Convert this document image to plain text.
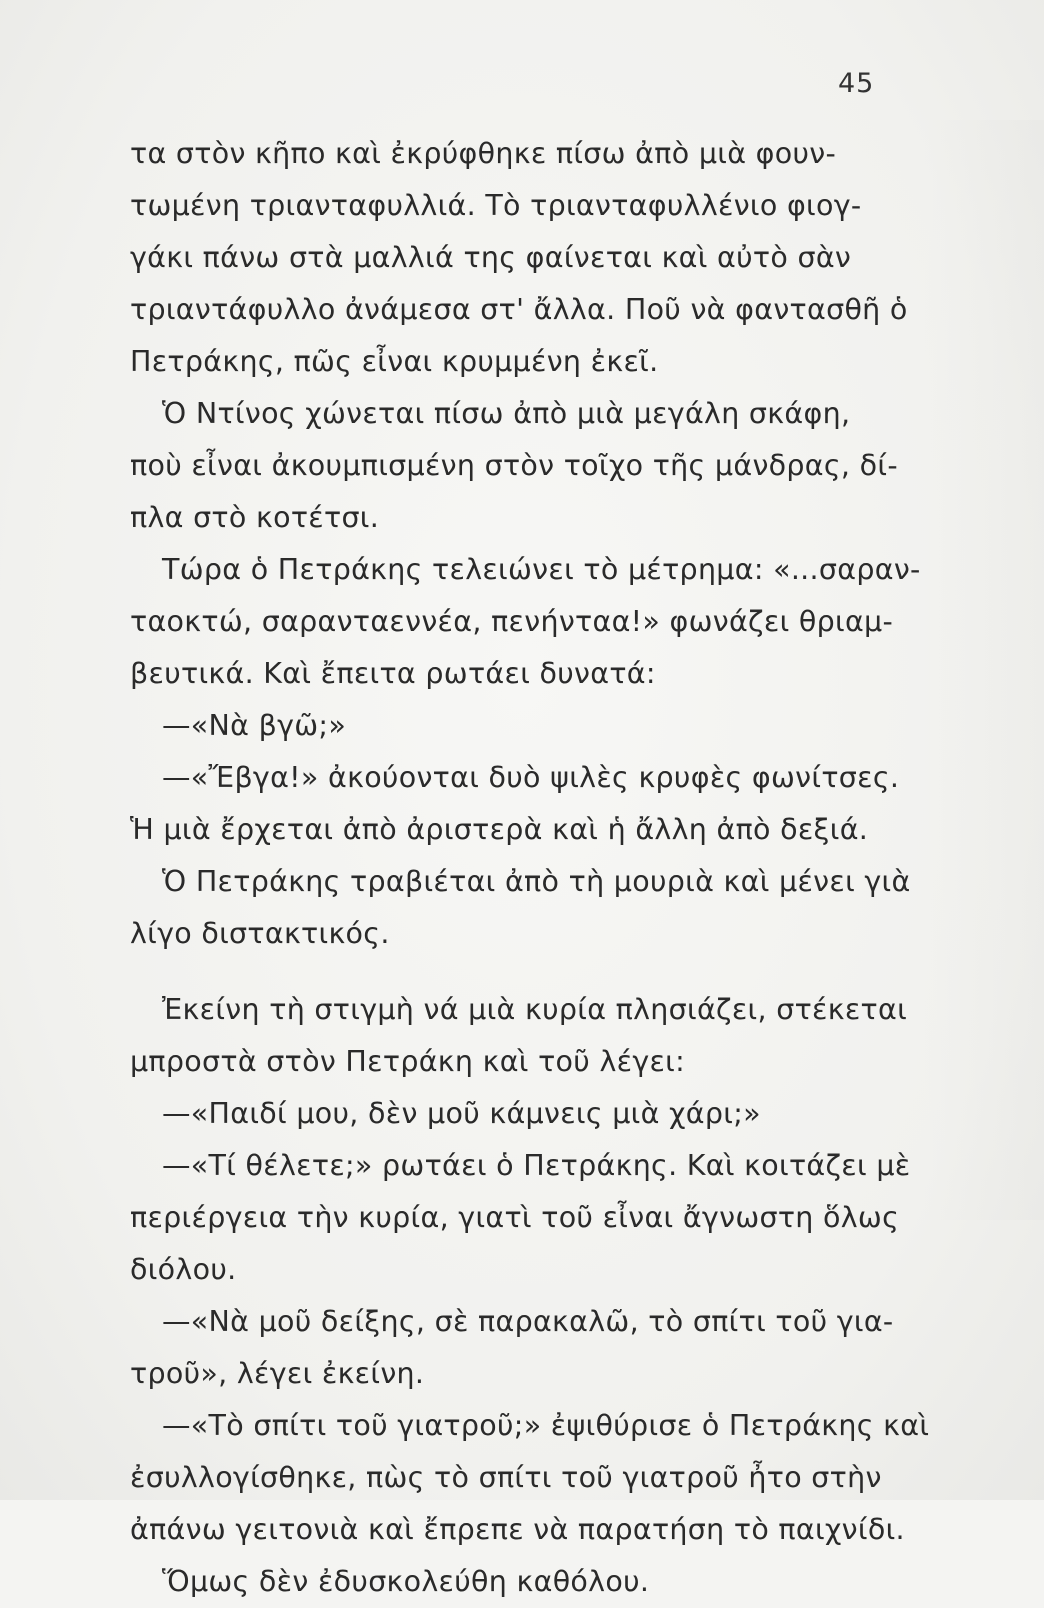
45
τα στὸν κῆπο καὶ ἐκρύφθηκε πίσω ἀπὸ μιὰ φουν-
τωμένη τριανταφυλλιά. Τὸ τριανταφυλλένιο φιογ-
γάκι πάνω στὰ μαλλιά της φαίνεται καὶ αὐτὸ σὰν
τριαντάφυλλο ἀνάμεσα στ' ἄλλα. Ποῦ νὰ φαντασθῆ ὁ
Πετράκης, πῶς εἶναι κρυμμένη ἐκεῖ.
Ὁ Ντίνος χώνεται πίσω ἀπὸ μιὰ μεγάλη σκάφη,
ποὺ εἶναι ἀκουμπισμένη στὸν τοῖχο τῆς μάνδρας, δί-
πλα στὸ κοτέτσι.
Τώρα ὁ Πετράκης τελειώνει τὸ μέτρημα: «...σαραν-
ταοκτώ, σαρανταεννέα, πενήνταα!» φωνάζει θριαμ-
βευτικά. Καὶ ἔπειτα ρωτάει δυνατά:
—«Νὰ βγῶ;»
—«Ἔβγα!» ἀκούονται δυὸ ψιλὲς κρυφὲς φωνίτσες.
Ἡ μιὰ ἔρχεται ἀπὸ ἀριστερὰ καὶ ἡ ἄλλη ἀπὸ δεξιά.
Ὁ Πετράκης τραβιέται ἀπὸ τὴ μουριὰ καὶ μένει γιὰ
λίγο διστακτικός.
Ἐκείνη τὴ στιγμὴ νά μιὰ κυρία πλησιάζει, στέκεται
μπροστὰ στὸν Πετράκη καὶ τοῦ λέγει:
—«Παιδί μου, δὲν μοῦ κάμνεις μιὰ χάρι;»
—«Τί θέλετε;» ρωτάει ὁ Πετράκης. Καὶ κοιτάζει μὲ
περιέργεια τὴν κυρία, γιατὶ τοῦ εἶναι ἄγνωστη ὅλως
διόλου.
—«Νὰ μοῦ δείξης, σὲ παρακαλῶ, τὸ σπίτι τοῦ για-
τροῦ», λέγει ἐκείνη.
—«Τὸ σπίτι τοῦ γιατροῦ;» ἐψιθύρισε ὁ Πετράκης καὶ
ἐσυλλογίσθηκε, πὼς τὸ σπίτι τοῦ γιατροῦ ἦτο στὴν
ἀπάνω γειτονιὰ καὶ ἔπρεπε νὰ παρατήση τὸ παιχνίδι.
Ὅμως δὲν ἐδυσκολεύθη καθόλου.
